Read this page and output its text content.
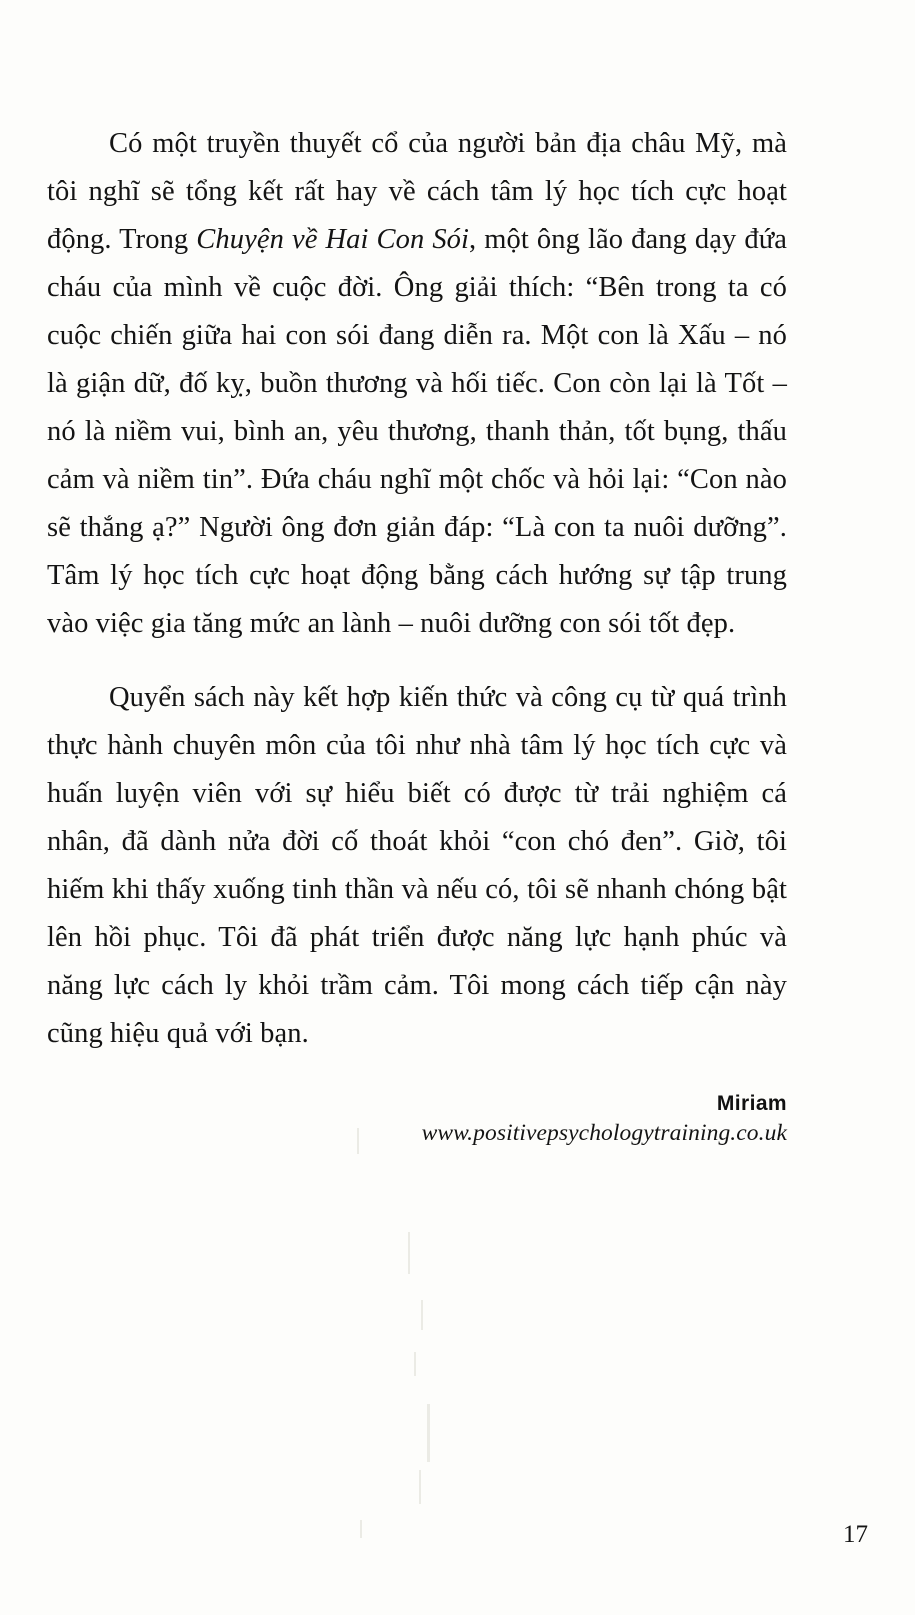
Có một truyền thuyết cổ của người bản địa châu Mỹ, mà tôi nghĩ sẽ tổng kết rất hay về cách tâm lý học tích cực hoạt động. Trong Chuyện về Hai Con Sói, một ông lão đang dạy đứa cháu của mình về cuộc đời. Ông giải thích: “Bên trong ta có cuộc chiến giữa hai con sói đang diễn ra. Một con là Xấu – nó là giận dữ, đố kỵ, buồn thương và hối tiếc. Con còn lại là Tốt – nó là niềm vui, bình an, yêu thương, thanh thản, tốt bụng, thấu cảm và niềm tin”. Đứa cháu nghĩ một chốc và hỏi lại: “Con nào sẽ thắng ạ?” Người ông đơn giản đáp: “Là con ta nuôi dưỡng”. Tâm lý học tích cực hoạt động bằng cách hướng sự tập trung vào việc gia tăng mức an lành – nuôi dưỡng con sói tốt đẹp.

Quyển sách này kết hợp kiến thức và công cụ từ quá trình thực hành chuyên môn của tôi như nhà tâm lý học tích cực và huấn luyện viên với sự hiểu biết có được từ trải nghiệm cá nhân, đã dành nửa đời cố thoát khỏi “con chó đen”. Giờ, tôi hiếm khi thấy xuống tinh thần và nếu có, tôi sẽ nhanh chóng bật lên hồi phục. Tôi đã phát triển được năng lực hạnh phúc và năng lực cách ly khỏi trầm cảm. Tôi mong cách tiếp cận này cũng hiệu quả với bạn.

Miriam
www.positivepsychologytraining.co.uk
17
